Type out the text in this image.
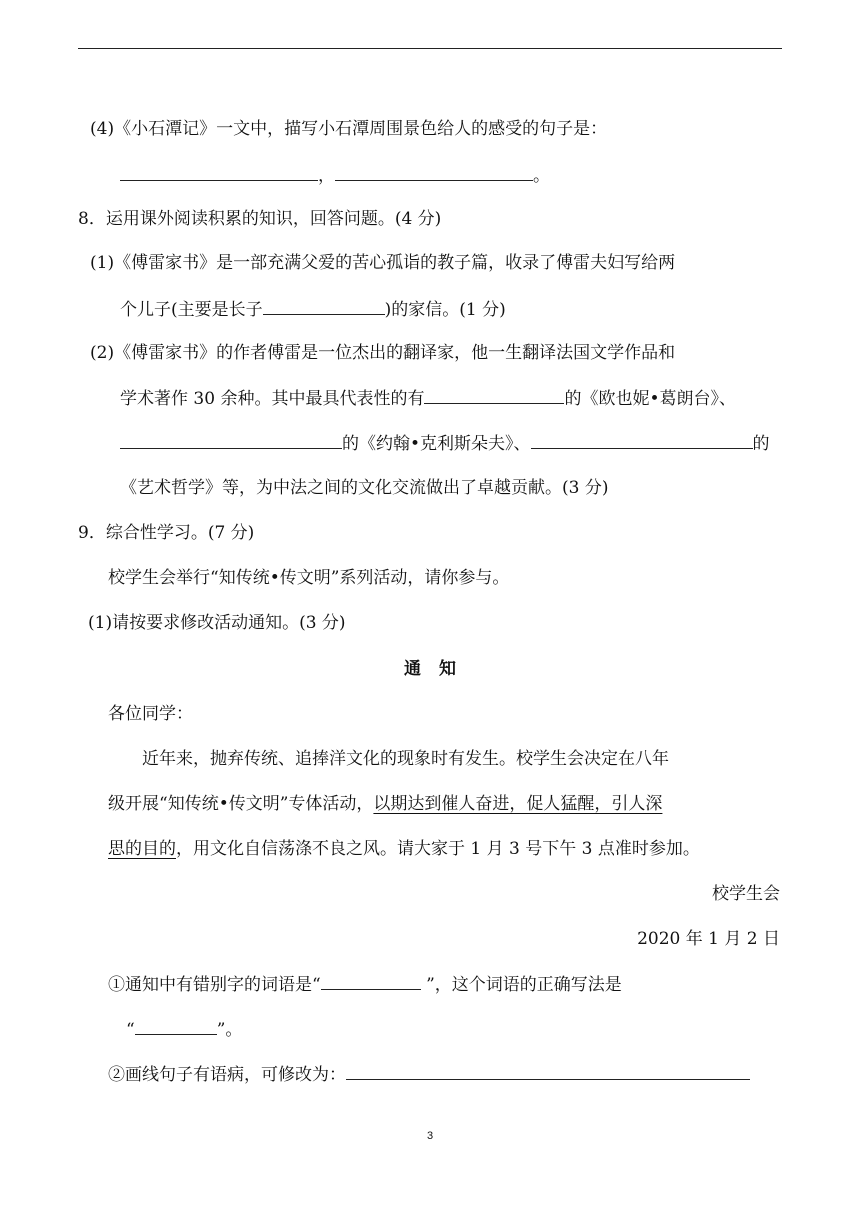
(4)《小石潭记》一文中，描写小石潭周围景色给人的感受的句子是：
，	。
8．运用课外阅读积累的知识，回答问题。(4 分)
(1)《傅雷家书》是一部充满父爱的苦心孤诣的教子篇，收录了傅雷夫妇写给两
个儿子(主要是长子	)的家信。(1 分)
(2)《傅雷家书》的作者傅雷是一位杰出的翻译家，他一生翻译法国文学作品和
学术著作 30 余种。其中最具代表性的有	的《欧也妮•葛朗台》、
的《约翰•克利斯朵夫》、	的
《艺术哲学》等，为中法之间的文化交流做出了卓越贡献。(3 分)
9．综合性学习。(7 分)
校学生会举行“知传统•传文明”系列活动，请你参与。
(1)请按要求修改活动通知。(3 分)
通知
各位同学：
近年来，抛弃传统、追捧洋文化的现象时有发生。校学生会决定在八年
级开展“知传统•传文明”专体活动，以期达到催人奋进，促人猛醒，引人深
思的目的，用文化自信荡涤不良之风。请大家于 1 月 3 号下午 3 点准时参加。
校学生会
2020 年 1 月 2 日
①通知中有错别字的词语是“	”，这个词语的正确写法是
“	”。
②画线句子有语病，可修改为：
3
